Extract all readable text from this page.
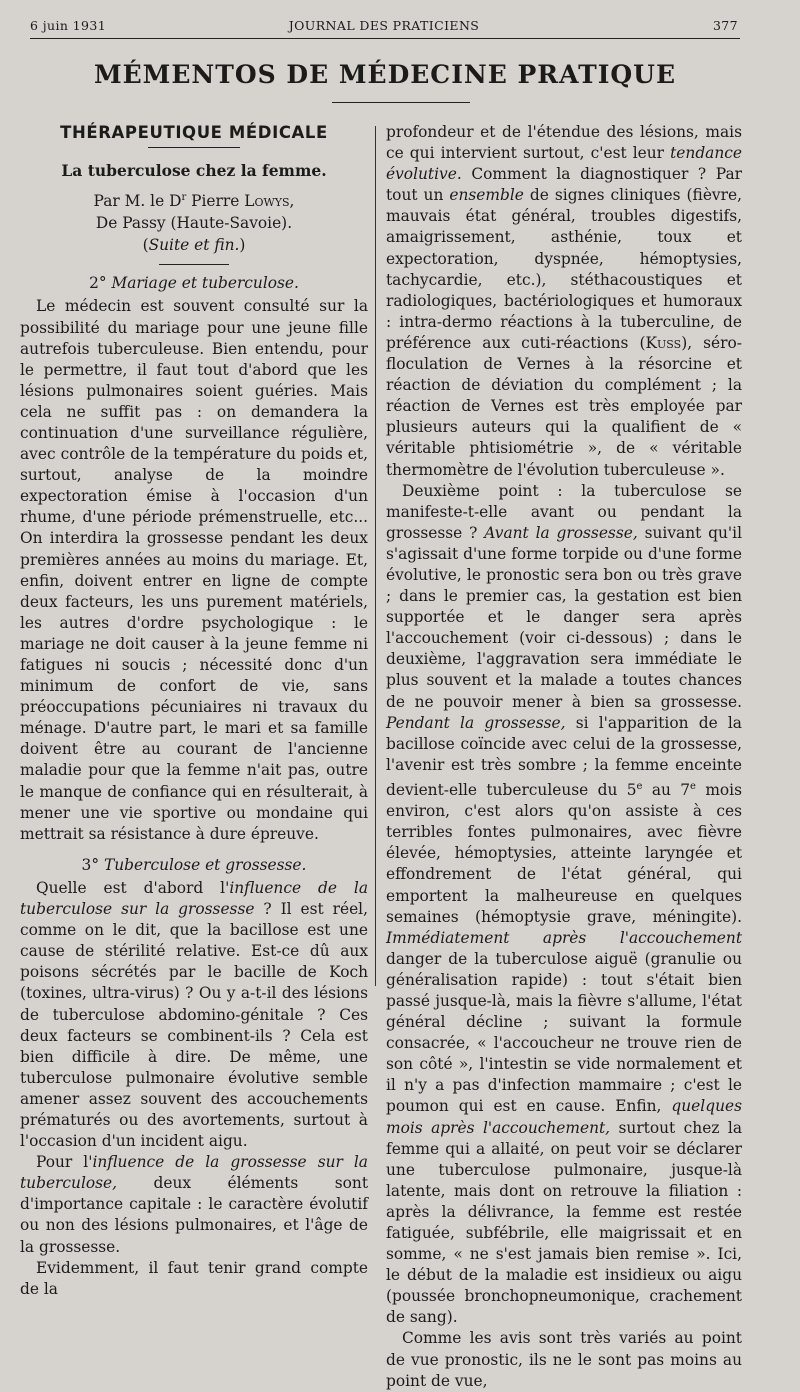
6 juin 1931	JOURNAL DES PRATICIENS	377
MÉMENTOS DE MÉDECINE PRATIQUE
THÉRAPEUTIQUE MÉDICALE
La tuberculose chez la femme.
Par M. le $D^r$ Pierre Lowys,
De Passy (Haute-Savoie).
(Suite et fin.)
2° Mariage et tuberculose.

Le médecin est souvent consulté sur la possibilité du mariage pour une jeune fille autrefois tuberculeuse. Bien entendu, pour le permettre, il faut tout d'abord que les lésions pulmonaires soient guéries. Mais cela ne suffit pas : on demandera la continuation d'une surveillance régulière, avec contrôle de la température du poids et, surtout, analyse de la moindre expectoration émise à l'occasion d'un rhume, d'une période prémenstruelle, etc... On interdira la grossesse pendant les deux premières années au moins du mariage. Et, enfin, doivent entrer en ligne de compte deux facteurs, les uns purement matériels, les autres d'ordre psychologique : le mariage ne doit causer à la jeune femme ni fatigues ni soucis ; nécessité donc d'un minimum de confort de vie, sans préoccupations pécuniaires ni travaux du ménage. D'autre part, le mari et sa famille doivent être au courant de l'ancienne maladie pour que la femme n'ait pas, outre le manque de confiance qui en résulterait, à mener une vie sportive ou mondaine qui mettrait sa résistance à dure épreuve.

3° Tuberculose et grossesse.

Quelle est d'abord l'influence de la tuberculose sur la grossesse ? Il est réel, comme on le dit, que la bacillose est une cause de stérilité relative. Est-ce dû aux poisons sécrétés par le bacille de Koch (toxines, ultra-virus) ? Ou y a-t-il des lésions de tuberculose abdomino-génitale ? Ces deux facteurs se combinent-ils ? Cela est bien difficile à dire. De même, une tuberculose pulmonaire évolutive semble amener assez souvent des accouchements prématurés ou des avortements, surtout à l'occasion d'un incident aigu.

Pour l'influence de la grossesse sur la tuberculose, deux éléments sont d'importance capitale : le caractère évolutif ou non des lésions pulmonaires, et l'âge de la grossesse.

Evidemment, il faut tenir grand compte de la

profondeur et de l'étendue des lésions, mais ce qui intervient surtout, c'est leur tendance évolutive. Comment la diagnostiquer ? Par tout un ensemble de signes cliniques (fièvre, mauvais état général, troubles digestifs, amaigrissement, asthénie, toux et expectoration, dyspnée, hémoptysies, tachycardie, etc.), stéthacoustiques et radiologiques, bactériologiques et humoraux : intra-dermo réactions à la tuberculine, de préférence aux cuti-réactions (Kuss), séro-floculation de Vernes à la résorcine et réaction de déviation du complément ; la réaction de Vernes est très employée par plusieurs auteurs qui la qualifient de « véritable phtisiométrie », de « véritable thermomètre de l'évolution tuberculeuse ».

Deuxième point : la tuberculose se manifeste-t-elle avant ou pendant la grossesse ? Avant la grossesse, suivant qu'il s'agissait d'une forme torpide ou d'une forme évolutive, le pronostic sera bon ou très grave ; dans le premier cas, la gestation est bien supportée et le danger sera après l'accouchement (voir ci-dessous) ; dans le deuxième, l'aggravation sera immédiate le plus souvent et la malade a toutes chances de ne pouvoir mener à bien sa grossesse. Pendant la grossesse, si l'apparition de la bacillose coïncide avec celui de la grossesse, l'avenir est très sombre ; la femme enceinte devient-elle tuberculeuse du 5e au 7e mois environ, c'est alors qu'on assiste à ces terribles fontes pulmonaires, avec fièvre élevée, hémoptysies, atteinte laryngée et effondrement de l'état général, qui emportent la malheureuse en quelques semaines (hémoptysie grave, méningite). Immédiatement après l'accouchement danger de la tuberculose aiguë (granulie ou généralisation rapide) : tout s'était bien passé jusque-là, mais la fièvre s'allume, l'état général décline ; suivant la formule consacrée, « l'accoucheur ne trouve rien de son côté », l'intestin se vide normalement et il n'y a pas d'infection mammaire ; c'est le poumon qui est en cause. Enfin, quelques mois après l'accouchement, surtout chez la femme qui a allaité, on peut voir se déclarer une tuberculose pulmonaire, jusque-là latente, mais dont on retrouve la filiation : après la délivrance, la femme est restée fatiguée, subfébrile, elle maigrissait et en somme, « ne s'est jamais bien remise ». Ici, le début de la maladie est insidieux ou aigu (poussée bronchopneumonique, crachement de sang).

Comme les avis sont très variés au point de vue pronostic, ils ne le sont pas moins au point de vue,
